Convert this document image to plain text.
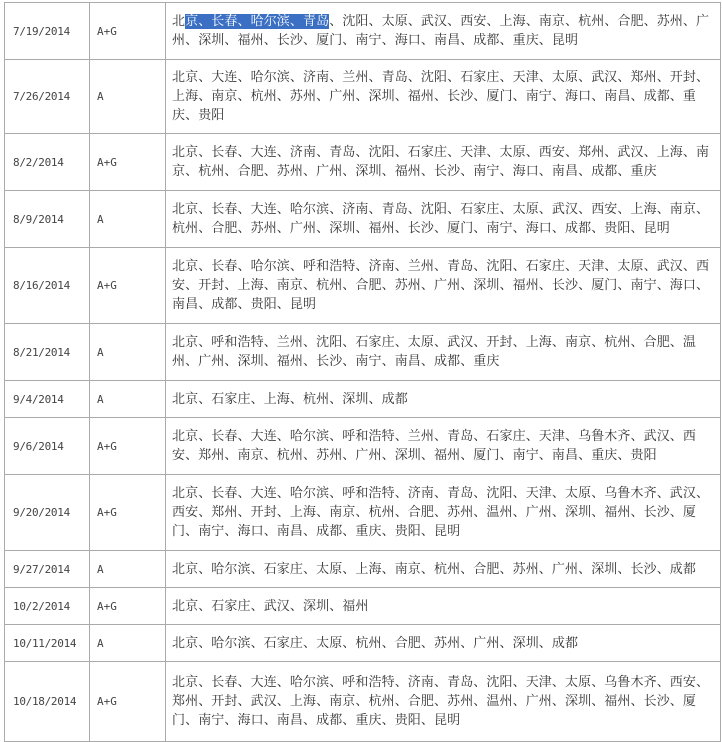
7/19/2014	A+G	北京、长春、哈尔滨、青岛、沈阳、太原、武汉、西安、上海、南京、杭州、合肥、苏州、广州、深圳、福州、长沙、厦门、南宁、海口、南昌、成都、重庆、昆明
7/26/2014	A	北京、大连、哈尔滨、济南、兰州、青岛、沈阳、石家庄、天津、太原、武汉、郑州、开封、上海、南京、杭州、苏州、广州、深圳、福州、长沙、厦门、南宁、海口、南昌、成都、重庆、贵阳
8/2/2014	A+G	北京、长春、大连、济南、青岛、沈阳、石家庄、天津、太原、西安、郑州、武汉、上海、南京、杭州、合肥、苏州、广州、深圳、福州、长沙、南宁、海口、南昌、成都、重庆
8/9/2014	A	北京、长春、大连、哈尔滨、济南、青岛、沈阳、石家庄、太原、武汉、西安、上海、南京、杭州、合肥、苏州、广州、深圳、福州、长沙、厦门、南宁、海口、成都、贵阳、昆明
8/16/2014	A+G	北京、长春、哈尔滨、呼和浩特、济南、兰州、青岛、沈阳、石家庄、天津、太原、武汉、西安、开封、上海、南京、杭州、合肥、苏州、广州、深圳、福州、长沙、厦门、南宁、海口、南昌、成都、贵阳、昆明
8/21/2014	A	北京、呼和浩特、兰州、沈阳、石家庄、太原、武汉、开封、上海、南京、杭州、合肥、温州、广州、深圳、福州、长沙、南宁、南昌、成都、重庆
9/4/2014	A	北京、石家庄、上海、杭州、深圳、成都
9/6/2014	A+G	北京、长春、大连、哈尔滨、呼和浩特、兰州、青岛、石家庄、天津、乌鲁木齐、武汉、西安、郑州、南京、杭州、苏州、广州、深圳、福州、厦门、南宁、南昌、重庆、贵阳
9/20/2014	A+G	北京、长春、大连、哈尔滨、呼和浩特、济南、青岛、沈阳、天津、太原、乌鲁木齐、武汉、西安、郑州、开封、上海、南京、杭州、合肥、苏州、温州、广州、深圳、福州、长沙、厦门、南宁、海口、南昌、成都、重庆、贵阳、昆明
9/27/2014	A	北京、哈尔滨、石家庄、太原、上海、南京、杭州、合肥、苏州、广州、深圳、长沙、成都
10/2/2014	A+G	北京、石家庄、武汉、深圳、福州
10/11/2014	A	北京、哈尔滨、石家庄、太原、杭州、合肥、苏州、广州、深圳、成都
10/18/2014	A+G	北京、长春、大连、哈尔滨、呼和浩特、济南、青岛、沈阳、天津、太原、乌鲁木齐、西安、郑州、开封、武汉、上海、南京、杭州、合肥、苏州、温州、广州、深圳、福州、长沙、厦门、南宁、海口、南昌、成都、重庆、贵阳、昆明
